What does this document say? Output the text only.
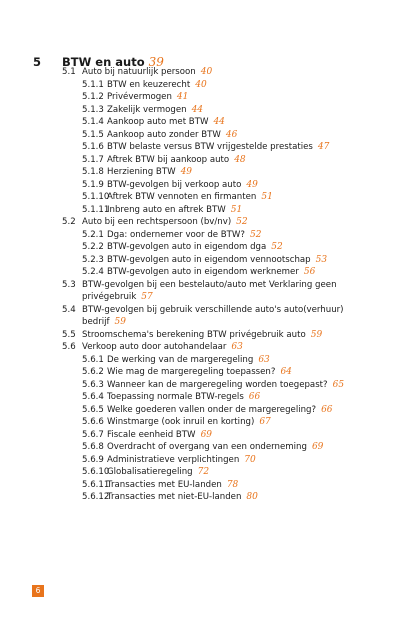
5 BTW en auto 39
5.1 Auto bij natuurlijk persoon 40
5.1.1 BTW en keuzerecht 40
5.1.2 Privévermogen 41
5.1.3 Zakelijk vermogen 44
5.1.4 Aankoop auto met BTW 44
5.1.5 Aankoop auto zonder BTW 46
5.1.6 BTW belaste versus BTW vrijgestelde prestaties 47
5.1.7 Aftrek BTW bij aankoop auto 48
5.1.8 Herziening BTW 49
5.1.9 BTW-gevolgen bij verkoop auto 49
5.1.10
Aftrek BTW vennoten en firmanten 51
5.1.11
Inbreng auto en aftrek BTW 51
5.2 Auto bij een rechtspersoon (bv/nv) 52
5.2.1 Dga: ondernemer voor de BTW? 52
5.2.2 BTW-gevolgen auto in eigendom dga 52
5.2.3 BTW-gevolgen auto in eigendom vennootschap 53
5.2.4 BTW-gevolgen auto in eigendom werknemer 56
5.3 BTW-gevolgen bij een bestelauto/auto met Verklaring geen
privégebruik 57
5.4 BTW-gevolgen bij gebruik verschillende auto's auto(verhuur)
bedrijf 59
5.5 Stroomschema's berekening BTW privégebruik auto 59
5.6 Verkoop auto door autohandelaar 63
5.6.1 De werking van de margeregeling 63
5.6.2 Wie mag de margeregeling toepassen? 64
5.6.3 Wanneer kan de margeregeling worden toegepast? 65
5.6.4 Toepassing normale BTW-regels 66
5.6.5 Welke goederen vallen onder de margeregeling? 66
5.6.6 Winstmarge (ook inruil en korting) 67
5.6.7 Fiscale eenheid BTW 69
5.6.8 Overdracht of overgang van een onderneming 69
5.6.9 Administratieve verplichtingen 70
5.6.10
Globalisatieregeling 72
5.6.11
Transacties met EU-landen 78
5.6.12
Transacties met niet-EU-landen 80
6
